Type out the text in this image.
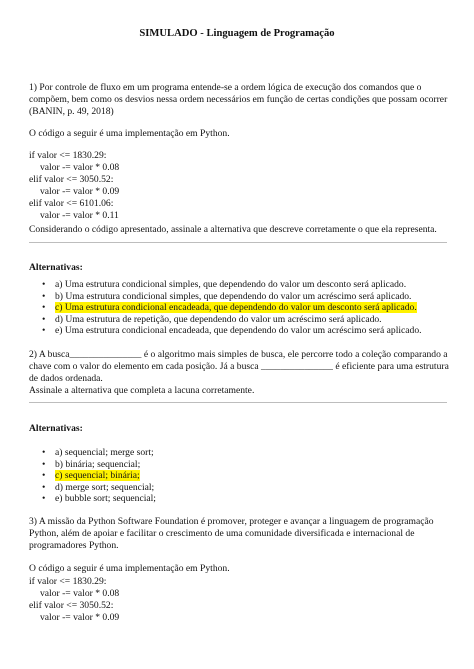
SIMULADO - Linguagem de Programação

1) Por controle de fluxo em um programa entende-se a ordem lógica de execução dos comandos que o

compõem, bem como os desvios nessa ordem necessários em função de certas condições que possam ocorrer

(BANIN, p. 49, 2018)

O código a seguir é uma implementação em Python.
if valor <= 1830.29:
valor -= valor * 0.08
elif valor <= 3050.52:
valor -= valor * 0.09
elif valor <= 6101.06:
valor -= valor * 0.11
Considerando o código apresentado, assinale a alternativa que descreve corretamente o que ela representa.
Alternativas:
• a) Uma estrutura condicional simples, que dependendo do valor um desconto será aplicado.
• b) Uma estrutura condicional simples, que dependendo do valor um acréscimo será aplicado.
• c) Uma estrutura condicional encadeada, que dependendo do valor um desconto será aplicado.
• d) Uma estrutura de repetição, que dependendo do valor um acréscimo será aplicado.
• e) Uma estrutura condicional encadeada, que dependendo do valor um acréscimo será aplicado.

2) A busca_______________ é o algoritmo mais simples de busca, ele percorre todo a coleção comparando a

chave com o valor do elemento em cada posição. Já a busca _______________ é eficiente para uma estrutura

de dados ordenada.

Assinale a alternativa que completa a lacuna corretamente.

Alternativas:
• a) sequencial; merge sort;
• b) binária; sequencial;
• c) sequencial; binária;
• d) merge sort; sequencial;
• e) bubble sort; sequencial;

3) A missão da Python Software Foundation é promover, proteger e avançar a linguagem de programação

Python, além de apoiar e facilitar o crescimento de uma comunidade diversificada e internacional de

programadores Python.

O código a seguir é uma implementação em Python.
if valor <= 1830.29:
valor -= valor * 0.08
elif valor <= 3050.52:
valor -= valor * 0.09
